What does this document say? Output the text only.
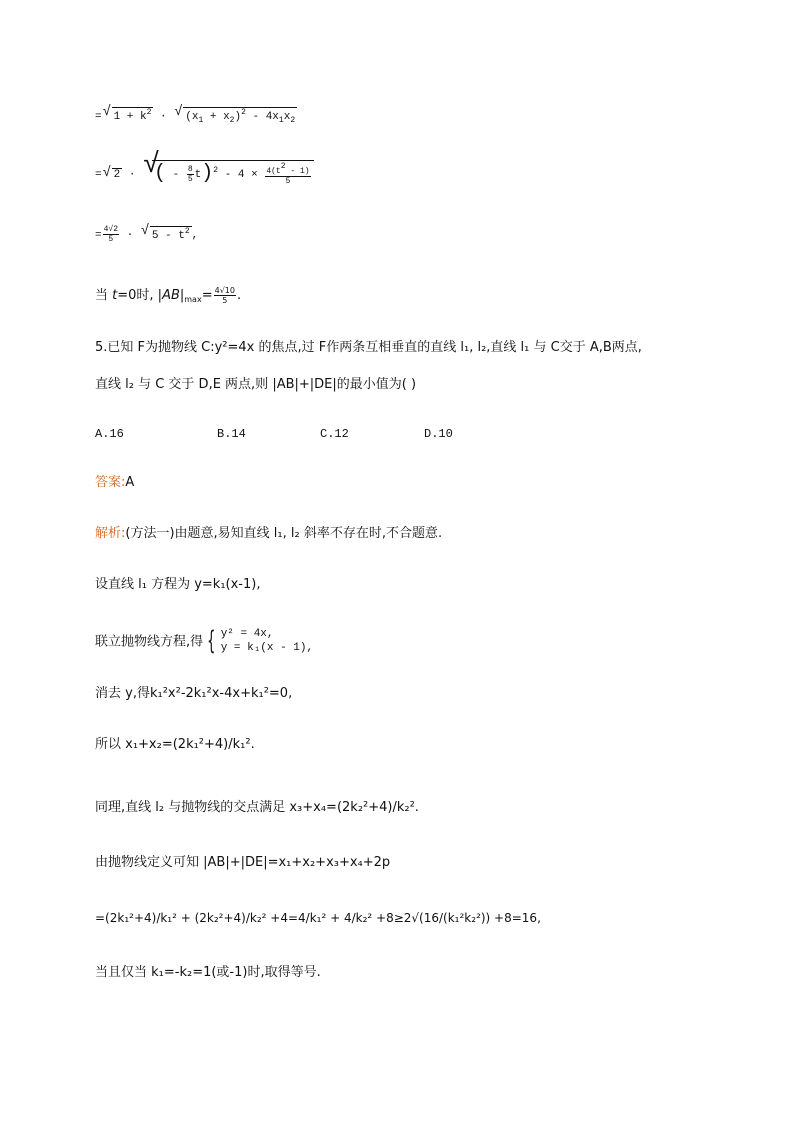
= √ $1 + k^2$ · √ $(x_1 + x_2)^2 - 4x_1x_2$
= √ 2 · √ ( - $\frac{8}{5} t)^2 - 4 \times \frac{4(t2 - 1)}{5}$
= $\frac{4√2}{5}$ · √ $5 - t^2$ ,
当 t=0时, $|AB|_{max}= \frac{4√10}{5}$ .
5.已知 F为抛物线 C:y²=4x 的焦点,过 F作两条互相垂直的直线 l₁, l₂,直线 l₁ 与 C交于 A,B两点,
直线 l₂ 与 C 交于 D,E 两点,则 |AB|+|DE|的最小值为( )
A.16	B.14	C.12	D.10
答案:A
解析:(方法一)由题意,易知直线 l₁, l₂ 斜率不存在时,不合题意.
设直线 l₁ 方程为 y=k₁(x-1),
联立抛物线方程,得 { y² = 4x,
y = k₁(x - 1),
消去 y,得k₁²x²-2k₁²x-4x+k₁²=0,
所以 x₁+x₂=(2k₁²+4)/k₁².
同理,直线 l₂ 与抛物线的交点满足 x₃+x₄=(2k₂²+4)/k₂².
由抛物线定义可知 |AB|+|DE|=x₁+x₂+x₃+x₄+2p
=(2k₁²+4)/k₁² + (2k₂²+4)/k₂² +4=4/k₁² + 4/k₂² +8≥2√(16/(k₁²k₂²)) +8=16,
当且仅当 k₁=-k₂=1(或-1)时,取得等号.
